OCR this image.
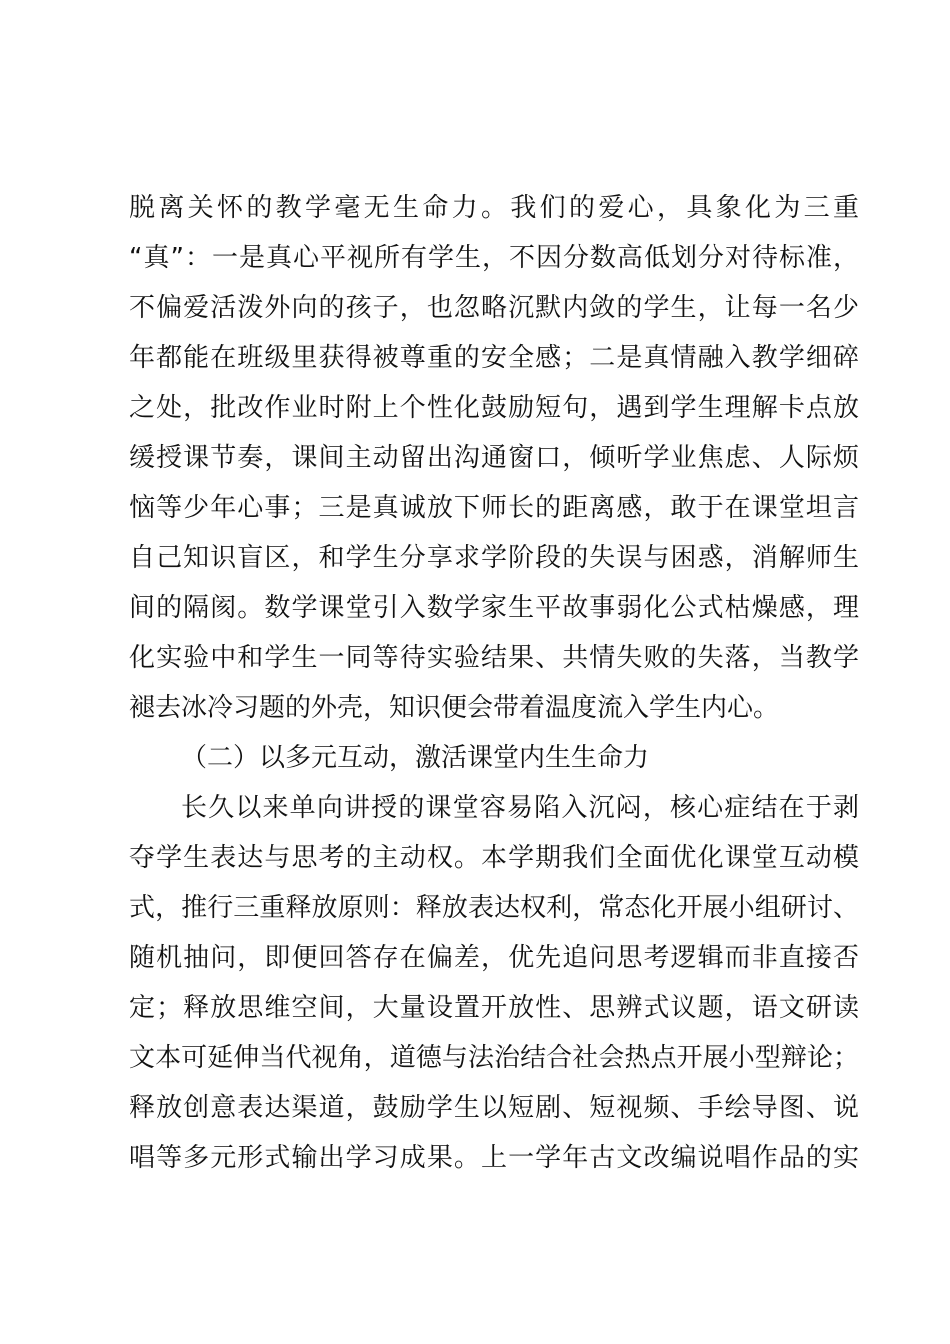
脱离关怀的教学毫无生命力。我们的爱心，具象化为三重
“真”：一是真心平视所有学生，不因分数高低划分对待标准，
不偏爱活泼外向的孩子，也忽略沉默内敛的学生，让每一名少
年都能在班级里获得被尊重的安全感；二是真情融入教学细碎
之处，批改作业时附上个性化鼓励短句，遇到学生理解卡点放
缓授课节奏，课间主动留出沟通窗口，倾听学业焦虑、人际烦
恼等少年心事；三是真诚放下师长的距离感，敢于在课堂坦言
自己知识盲区，和学生分享求学阶段的失误与困惑，消解师生
间的隔阂。数学课堂引入数学家生平故事弱化公式枯燥感，理
化实验中和学生一同等待实验结果、共情失败的失落，当教学
褪去冰冷习题的外壳，知识便会带着温度流入学生内心。
（二）以多元互动，激活课堂内生生命力
长久以来单向讲授的课堂容易陷入沉闷，核心症结在于剥
夺学生表达与思考的主动权。本学期我们全面优化课堂互动模
式，推行三重释放原则：释放表达权利，常态化开展小组研讨、
随机抽问，即便回答存在偏差，优先追问思考逻辑而非直接否
定；释放思维空间，大量设置开放性、思辨式议题，语文研读
文本可延伸当代视角，道德与法治结合社会热点开展小型辩论；
释放创意表达渠道，鼓励学生以短剧、短视频、手绘导图、说
唱等多元形式输出学习成果。上一学年古文改编说唱作品的实
